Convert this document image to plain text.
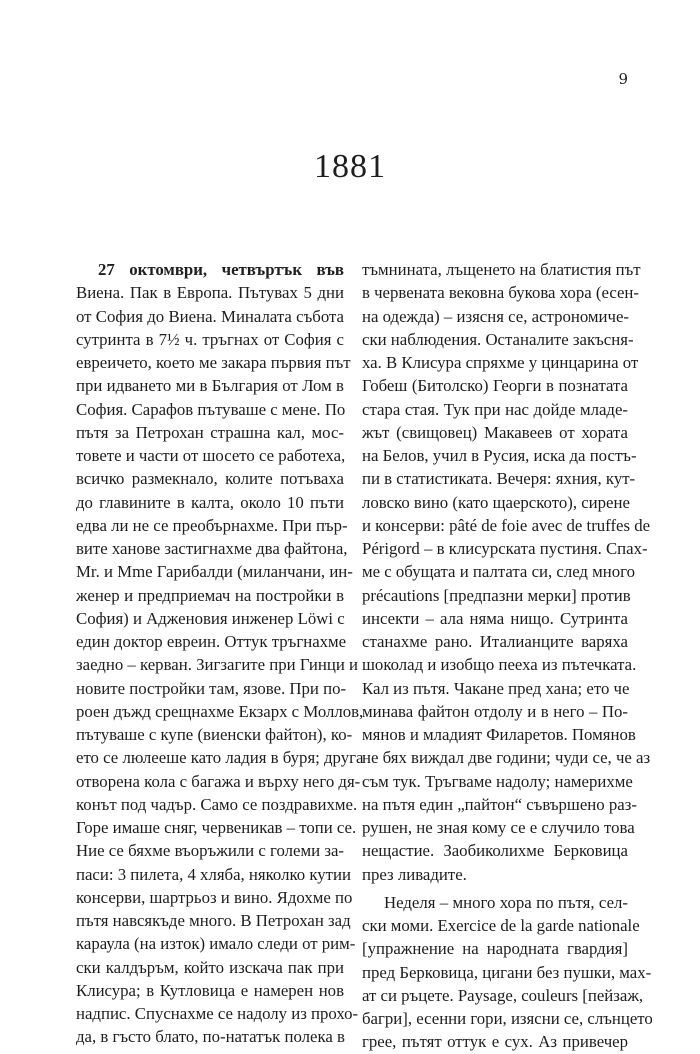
9
1881
27 октомври, четвъртък във
Виена. Пак в Европа. Пътувах 5 дни
от София до Виена. Миналата събота
сутринта в 7½ ч. тръгнах от София с
евреичето, което ме закара първия път
при идването ми в България от Лом в
София. Сарафов пътуваше с мене. По
пътя за Петрохан страшна кал, мос-
товете и части от шосето се работеха,
всичко размекнало, колите потъваха
до главините в калта, около 10 пъти
едва ли не се преобърнахме. При пър-
вите ханове застигнахме два файтона,
Mr. и Mme Гарибалди (миланчани, ин-
женер и предприемач на постройки в
София) и Адженовия инженер Löwi с
един доктор евреин. Оттук тръгнахме
заедно – керван. Зигзагите при Гинци и
новите постройки там, язове. При по-
роен дъжд срещнахме Екзарх с Моллов,
пътуваше с купе (виенски файтон), ко-
ето се люлееше като ладия в буря; друга
отворена кола с багажа и върху него дя-
конът под чадър. Само се поздравихме.
Горе имаше сняг, червеникав – топи се.
Ние се бяхме въоръжили с големи за-
паси: 3 пилета, 4 хляба, няколко кутии
консерви, шартрьоз и вино. Ядохме по
пътя навсякъде много. В Петрохан зад
караула (на изток) имало следи от рим-
ски калдъръм, който изскача пак при
Клисура; в Кутловица е намерен нов
надпис. Спуснахме се надолу из прохо-
да, в гъсто блато, по-нататък полека в
тъмнината, лъщенето на блатистия път
в червената вековна букова хора (есен-
на одежда) – изясня се, астрономиче-
ски наблюдения. Останалите закъсня-
ха. В Клисура спряхме у цинцарина от
Гобеш (Битолско) Георги в познатата
стара стая. Тук при нас дойде младе-
жът (свищовец) Макавеев от хората
на Белов, учил в Русия, иска да постъ-
пи в статистиката. Вечеря: яхния, кут-
ловско вино (като щаерското), сирене
и консерви: pâté de foie avec de truffes de
Périgord – в клисурската пустиня. Спах-
ме с обущата и палтата си, след много
précautions [предпазни мерки] против
инсекти – ала няма нищо. Сутринта
станахме рано. Италианците варяха
шоколад и изобщо пееха из пътечката.
Кал из пътя. Чакане пред хана; ето че
минава файтон отдолу и в него – По-
мянов и младият Филаретов. Помянов
не бях виждал две години; чуди се, че аз
съм тук. Тръгваме надолу; намерихме
на пътя един „пайтон“ съвършено раз-
рушен, не зная кому се е случило това
нещастие. Заобиколихме Берковица
през ливадите.
Неделя – много хора по пътя, сел-
ски моми. Exercice de la garde nationale
[упражнение на народната гвардия]
пред Берковица, цигани без пушки, мах-
ат си ръцете. Paysage, couleurs [пейзаж,
багри], есенни гори, изясни се, слънцето
грее, пътят оттук е сух. Аз привечер
